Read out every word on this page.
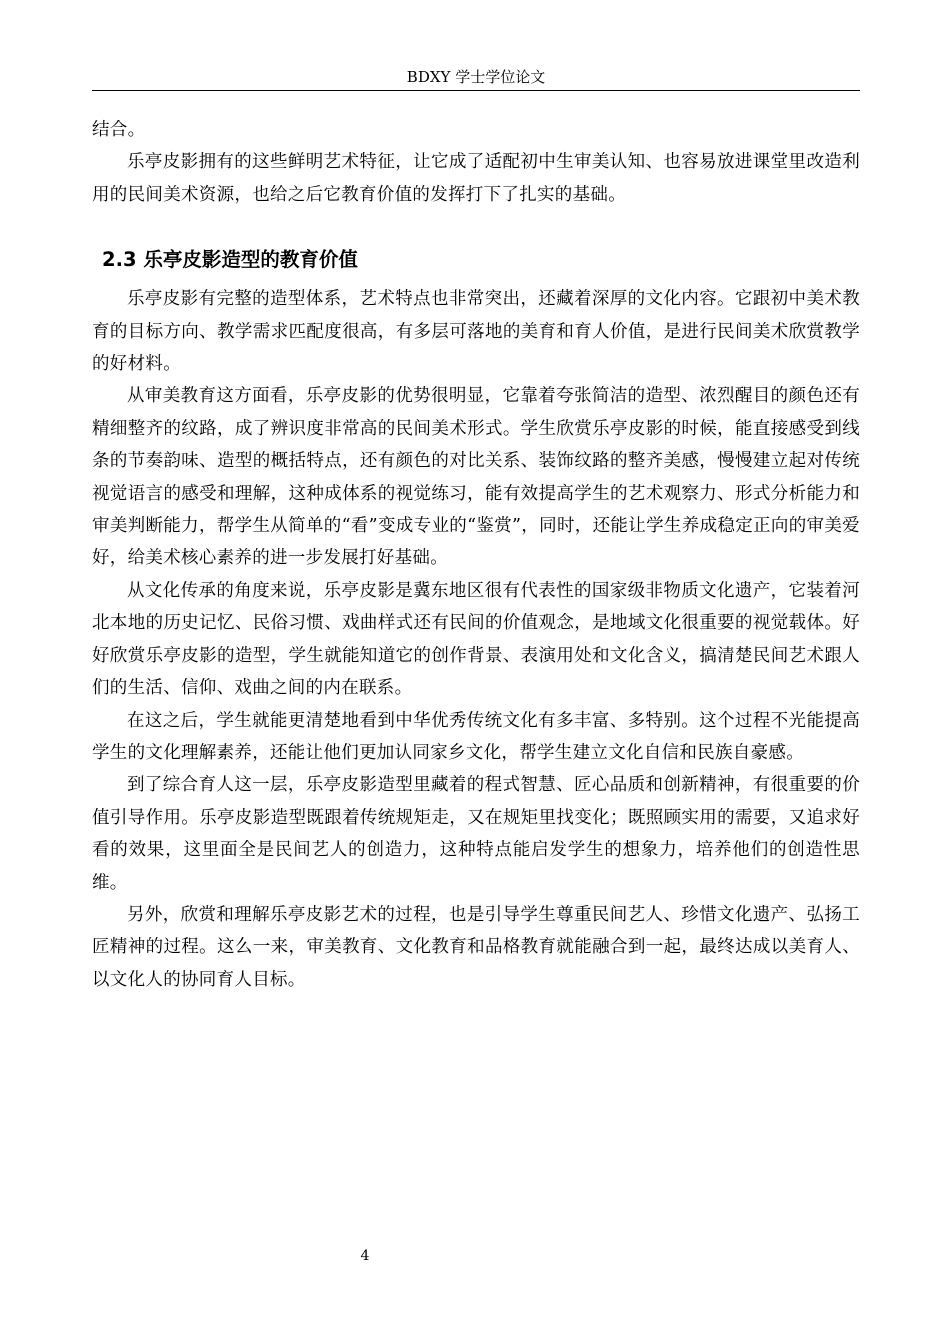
BDXY 学士学位论文

结合。

乐亭皮影拥有的这些鲜明艺术特征，让它成了适配初中生审美认知、也容易放进课堂里改造利用的民间美术资源，也给之后它教育价值的发挥打下了扎实的基础。

2.3 乐亭皮影造型的教育价值

乐亭皮影有完整的造型体系，艺术特点也非常突出，还藏着深厚的文化内容。它跟初中美术教育的目标方向、教学需求匹配度很高，有多层可落地的美育和育人价值，是进行民间美术欣赏教学的好材料。

从审美教育这方面看，乐亭皮影的优势很明显，它靠着夸张简洁的造型、浓烈醒目的颜色还有精细整齐的纹路，成了辨识度非常高的民间美术形式。学生欣赏乐亭皮影的时候，能直接感受到线条的节奏韵味、造型的概括特点，还有颜色的对比关系、装饰纹路的整齐美感，慢慢建立起对传统视觉语言的感受和理解，这种成体系的视觉练习，能有效提高学生的艺术观察力、形式分析能力和审美判断能力，帮学生从简单的“看”变成专业的“鉴赏”，同时，还能让学生养成稳定正向的审美爱好，给美术核心素养的进一步发展打好基础。

从文化传承的角度来说，乐亭皮影是冀东地区很有代表性的国家级非物质文化遗产，它装着河北本地的历史记忆、民俗习惯、戏曲样式还有民间的价值观念，是地域文化很重要的视觉载体。好好欣赏乐亭皮影的造型，学生就能知道它的创作背景、表演用处和文化含义，搞清楚民间艺术跟人们的生活、信仰、戏曲之间的内在联系。

在这之后，学生就能更清楚地看到中华优秀传统文化有多丰富、多特别。这个过程不光能提高学生的文化理解素养，还能让他们更加认同家乡文化，帮学生建立文化自信和民族自豪感。

到了综合育人这一层，乐亭皮影造型里藏着的程式智慧、匠心品质和创新精神，有很重要的价值引导作用。乐亭皮影造型既跟着传统规矩走，又在规矩里找变化；既照顾实用的需要，又追求好看的效果，这里面全是民间艺人的创造力，这种特点能启发学生的想象力，培养他们的创造性思维。

另外，欣赏和理解乐亭皮影艺术的过程，也是引导学生尊重民间艺人、珍惜文化遗产、弘扬工匠精神的过程。这么一来，审美教育、文化教育和品格教育就能融合到一起，最终达成以美育人、以文化人的协同育人目标。

4
